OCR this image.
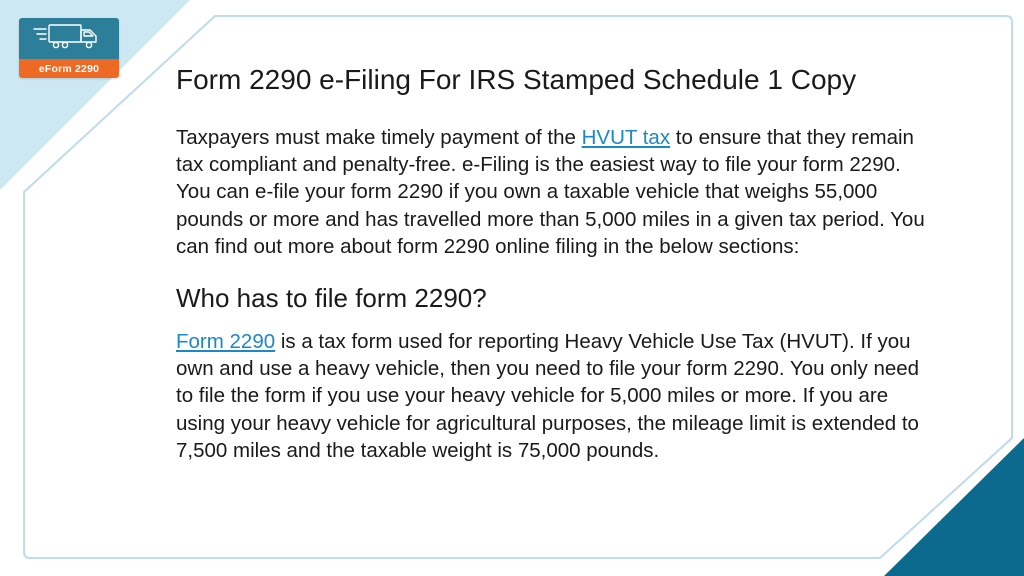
eForm 2290	Form 2290 e-Filing For IRS Stamped Schedule 1 Copy

Taxpayers must make timely payment of the HVUT tax to ensure that they remain tax compliant and penalty-free. e-Filing is the easiest way to file your form 2290. You can e-file your form 2290 if you own a taxable vehicle that weighs 55,000 pounds or more and has travelled more than 5,000 miles in a given tax period. You can find out more about form 2290 online filing in the below sections:

Who has to file form 2290?

Form 2290 is a tax form used for reporting Heavy Vehicle Use Tax (HVUT). If you own and use a heavy vehicle, then you need to file your form 2290. You only need to file the form if you use your heavy vehicle for 5,000 miles or more. If you are using your heavy vehicle for agricultural purposes, the mileage limit is extended to 7,500 miles and the taxable weight is 75,000 pounds.
